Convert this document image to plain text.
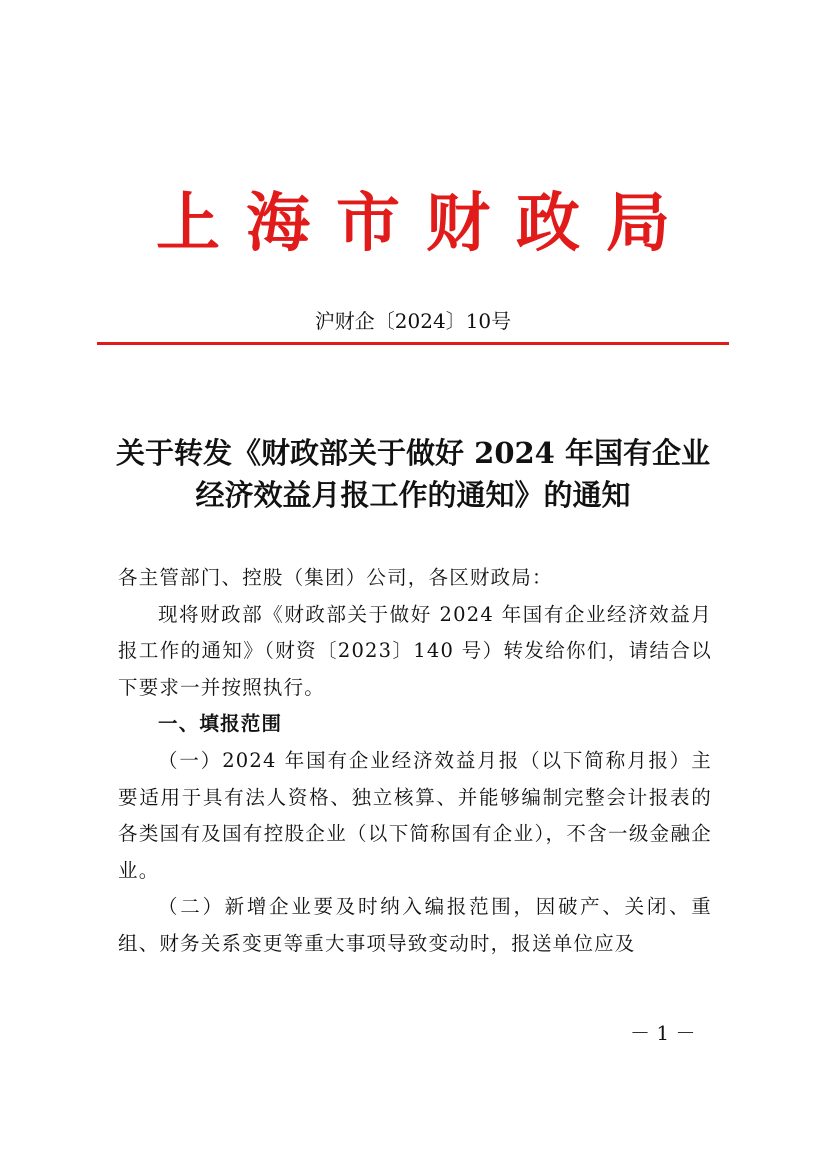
上海市财政局
沪财企〔2024〕10号
关于转发《财政部关于做好 2024 年国有企业
经济效益月报工作的通知》的通知

各主管部门、控股（集团）公司，各区财政局：

现将财政部《财政部关于做好 2024 年国有企业经济效益月报工作的通知》（财资〔2023〕140 号）转发给你们，请结合以下要求一并按照执行。

一、填报范围

（一）2024 年国有企业经济效益月报（以下简称月报）主要适用于具有法人资格、独立核算、并能够编制完整会计报表的各类国有及国有控股企业（以下简称国有企业），不含一级金融企业。

（二）新增企业要及时纳入编报范围，因破产、关闭、重组、财务关系变更等重大事项导致变动时，报送单位应及

－ 1 －
